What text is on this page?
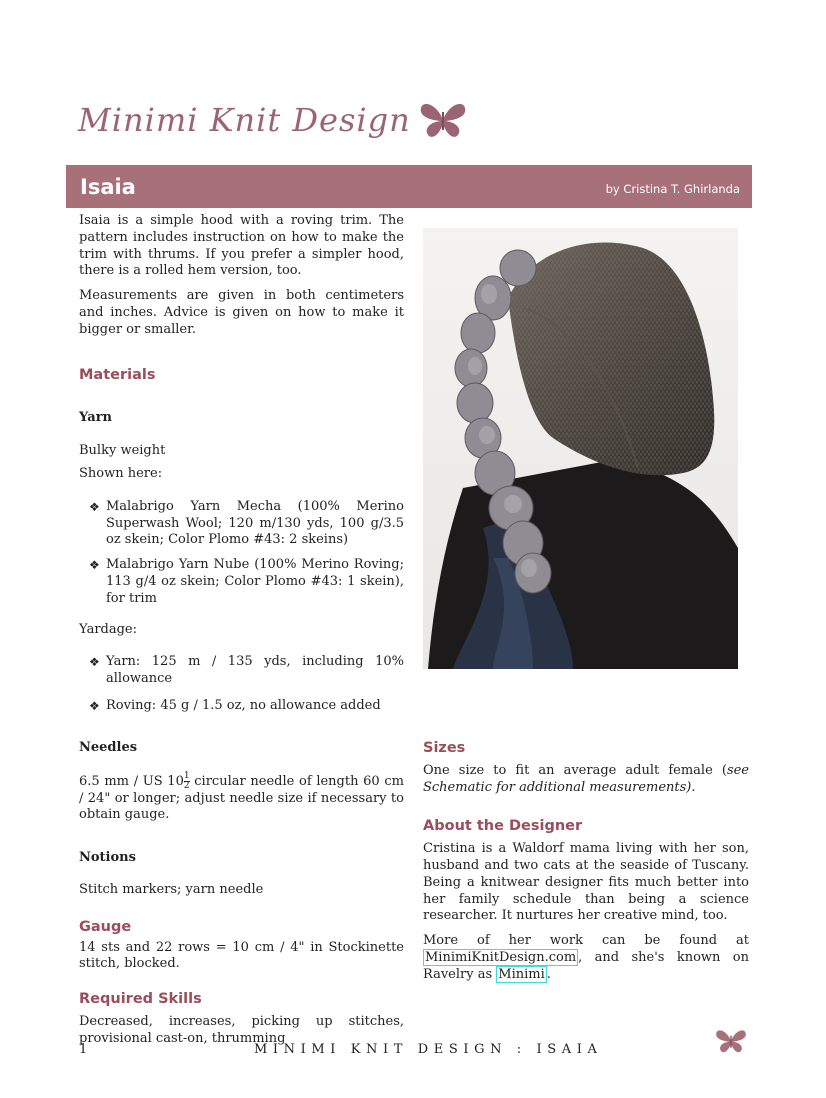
Minimi Knit Design
Isaia	by Cristina T. Ghirlanda

Isaia is a simple hood with a roving trim. The pattern includes instruction on how to make the trim with thrums. If you prefer a simpler hood, there is a rolled hem version, too.

Measurements are given in both centimeters and inches. Advice is given on how to make it bigger or smaller.

Materials
Yarn

Bulky weight

Shown here:

❖ Malabrigo Yarn Mecha (100% Merino Superwash Wool; 120 m/130 yds, 100 g/3.5 oz skein; Color Plomo #43: 2 skeins)
❖ Malabrigo Yarn Nube (100% Merino Roving; 113 g/4 oz skein; Color Plomo #43: 1 skein), for trim

Yardage:

❖ Yarn: 125 m / 135 yds, including 10% allowance
❖ Roving: 45 g / 1.5 oz, no allowance added
Needles

6.5 mm / US $10 \frac{1}{2}$ circular needle of length 60 cm / 24" or longer; adjust needle size if necessary to obtain gauge.

Notions

Stitch markers; yarn needle

Gauge

14 sts and 22 rows = 10 cm / 4" in Stockinette stitch, blocked.

Required Skills

Decreased, increases, picking up stitches, provisional cast-on, thrumming

Sizes

One size to fit an average adult female (see Schematic for additional measurements).

About the Designer

Cristina is a Waldorf mama living with her son, husband and two cats at the seaside of Tuscany. Being a knitwear designer fits much better into her family schedule than being a science researcher. It nurtures her creative mind, too.

More of her work can be found at MinimiKnitDesign.com , and she's known on Ravelry as Minimi .

1	MINIMI KNIT DESIGN : ISAIA
